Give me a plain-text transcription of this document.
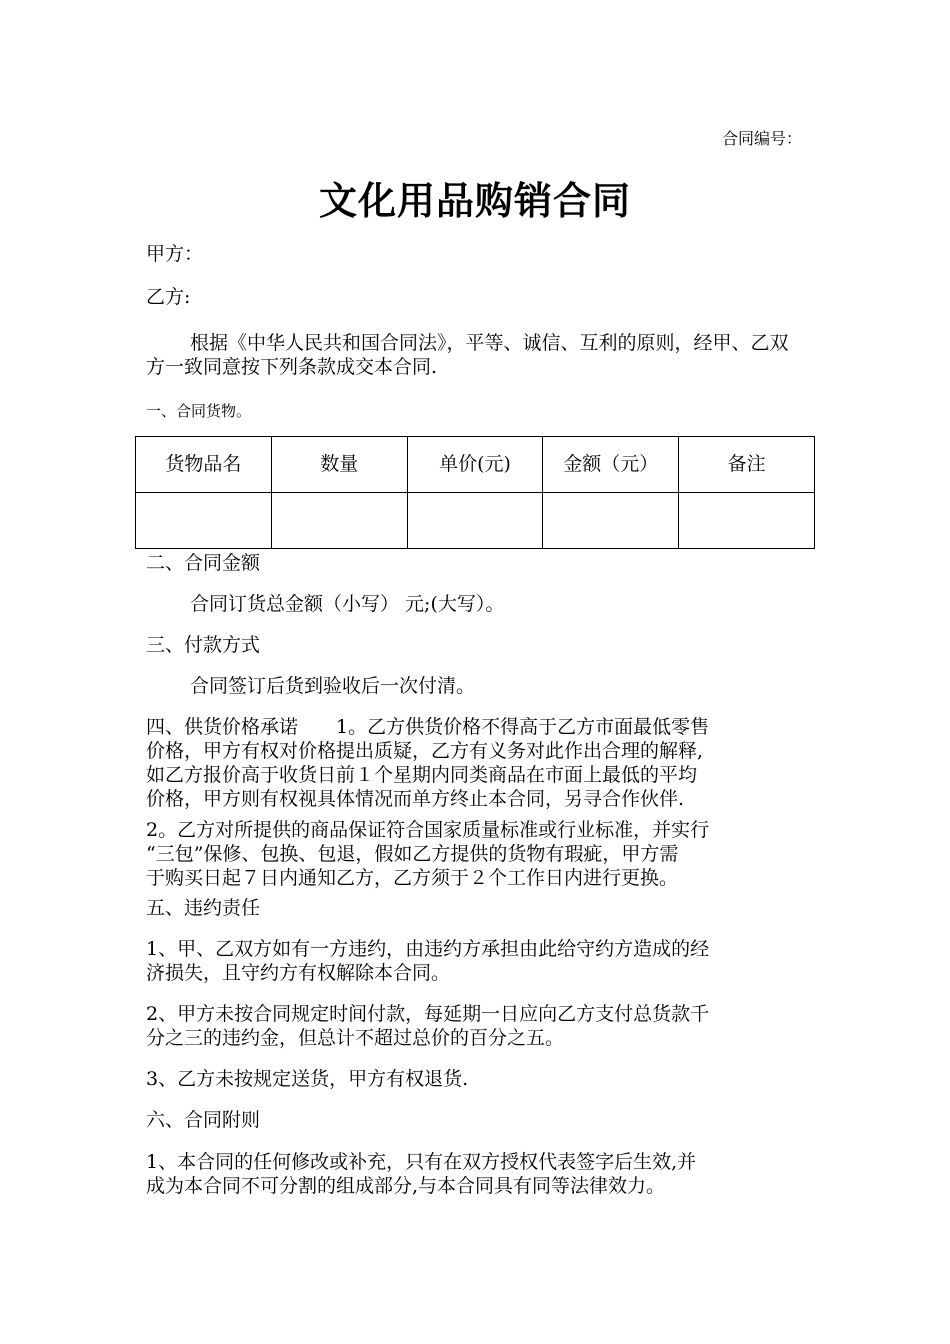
合同编号：
文化用品购销合同
甲方：
乙方:
根据《中华人民共和国合同法》，平等、诚信、互利的原则，经甲、乙双方一致同意按下列条款成交本合同.
一、合同货物。
货物品名	数量	单价(元)	金额（元）	备注

二、合同金额
合同订货总金额（小写） 元;(大写）。
三、付款方式
合同签订后货到验收后一次付清。
四、供货价格承诺　　1。乙方供货价格不得高于乙方市面最低零售
价格，甲方有权对价格提出质疑，乙方有义务对此作出合理的解释,
如乙方报价高于收货日前１个星期内同类商品在市面上最低的平均
价格，甲方则有权视具体情况而单方终止本合同，另寻合作伙伴.
2。乙方对所提供的商品保证符合国家质量标准或行业标准，并实行
“三包”保修、包换、包退，假如乙方提供的货物有瑕疵，甲方需
于购买日起７日内通知乙方，乙方须于２个工作日内进行更换。
五、违约责任
1、甲、乙双方如有一方违约，由违约方承担由此给守约方造成的经
济损失，且守约方有权解除本合同。
2、甲方未按合同规定时间付款，每延期一日应向乙方支付总货款千
分之三的违约金，但总计不超过总价的百分之五。
3、乙方未按规定送货，甲方有权退货.
六、合同附则
1、本合同的任何修改或补充，只有在双方授权代表签字后生效,并
成为本合同不可分割的组成部分,与本合同具有同等法律效力。
